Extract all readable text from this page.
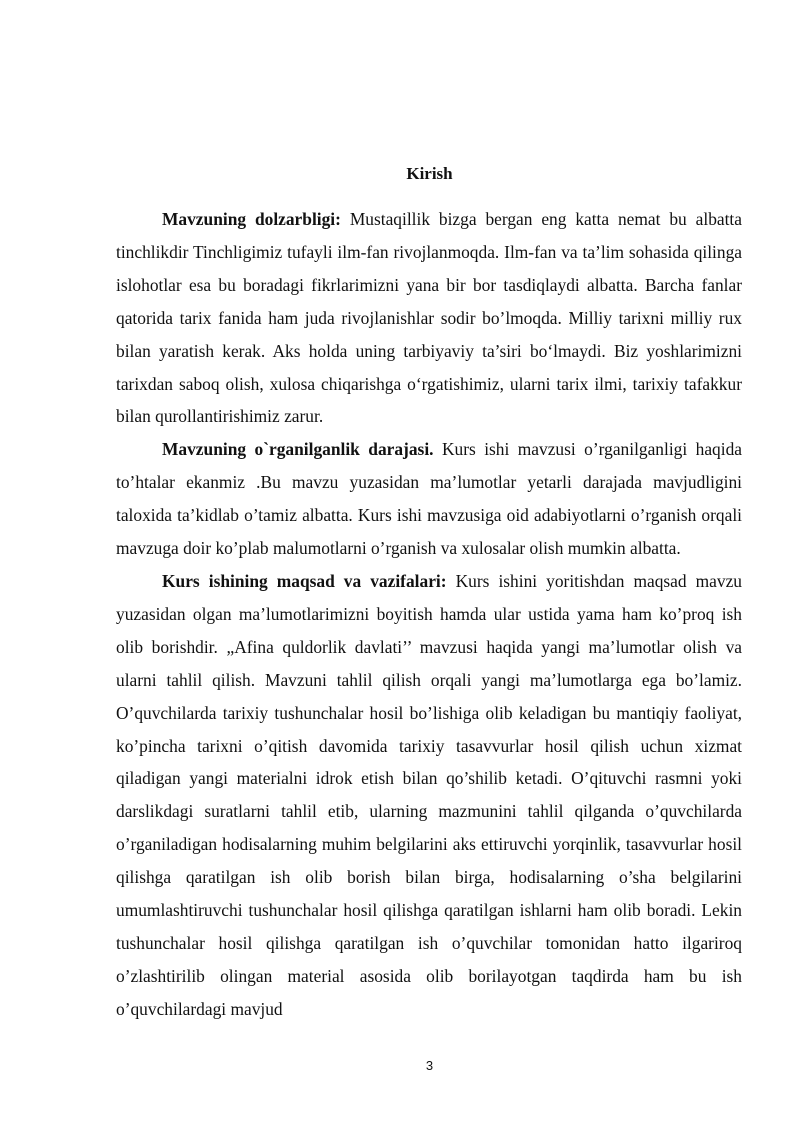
Kirish

Mavzuning dolzarbligi: Mustaqillik bizga bergan eng katta nemat bu albatta tinchlikdir Tinchligimiz tufayli ilm-fan rivojlanmoqda. Ilm-fan va ta’lim sohasida qilinga islohotlar esa bu boradagi fikrlarimizni yana bir bor tasdiqlaydi albatta. Barcha fanlar qatorida tarix fanida ham juda rivojlanishlar sodir bo’lmoqda. Milliy tarixni milliy rux bilan yaratish kerak. Aks holda uning tarbiyaviy ta’siri bo‘lmaydi. Biz yoshlarimizni tarixdan saboq olish, xulosa chiqarishga o‘rgatishimiz, ularni tarix ilmi, tarixiy tafakkur bilan qurollantirishimiz zarur.

Mavzuning o`rganilganlik darajasi. Kurs ishi mavzusi o’rganilganligi haqida to’htalar ekanmiz .Bu mavzu yuzasidan ma’lumotlar yetarli darajada mavjudligini taloxida ta’kidlab o’tamiz albatta. Kurs ishi mavzusiga oid adabiyotlarni o’rganish orqali mavzuga doir ko’plab malumotlarni o’rganish va xulosalar olish mumkin albatta.

Kurs ishining maqsad va vazifalari: Kurs ishini yoritishdan maqsad mavzu yuzasidan olgan ma’lumotlarimizni boyitish hamda ular ustida yama ham ko’proq ish olib borishdir. „Afina quldorlik davlati’’ mavzusi haqida yangi ma’lumotlar olish va ularni tahlil qilish. Mavzuni tahlil qilish orqali yangi ma’lumotlarga ega bo’lamiz. O’quvchilarda tarixiy tushunchalar hosil bo’lishiga olib keladigan bu mantiqiy faoliyat, ko’pincha tarixni o’qitish davomida tarixiy tasavvurlar hosil qilish uchun xizmat qiladigan yangi materialni idrok etish bilan qo’shilib ketadi. O’qituvchi rasmni yoki darslikdagi suratlarni tahlil etib, ularning mazmunini tahlil qilganda o’quvchilarda o’rganiladigan hodisalarning muhim belgilarini aks ettiruvchi yorqinlik, tasavvurlar hosil qilishga qaratilgan ish olib borish bilan birga, hodisalarning o’sha belgilarini umumlashtiruvchi tushunchalar hosil qilishga qaratilgan ishlarni ham olib boradi. Lekin tushunchalar hosil qilishga qaratilgan ish o’quvchilar tomonidan hatto ilgariroq o’zlashtirilib olingan material asosida olib borilayotgan taqdirda ham bu ish o’quvchilardagi mavjud

3
